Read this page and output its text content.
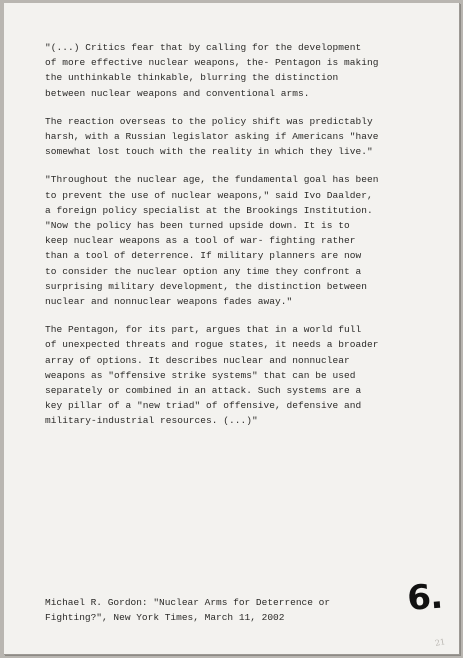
"(...) Critics fear that by calling for the development
of more effective nuclear weapons, the- Pentagon is making
the unthinkable thinkable, blurring the distinction
between nuclear weapons and conventional arms.

The reaction overseas to the policy shift was predictably
harsh, with a Russian legislator asking if Americans "have
somewhat lost touch with the reality in which they live."

"Throughout the nuclear age, the fundamental goal has been
to prevent the use of nuclear weapons," said Ivo Daalder,
a foreign policy specialist at the Brookings Institution.
"Now the policy has been turned upside down. It is to
keep nuclear weapons as a tool of war- fighting rather
than a tool of deterrence. If military planners are now
to consider the nuclear option any time they confront a
surprising military development, the distinction between
nuclear and nonnuclear weapons fades away."

The Pentagon, for its part, argues that in a world full
of unexpected threats and rogue states, it needs a broader
array of options. It describes nuclear and nonnuclear
weapons as "offensive strike systems" that can be used
separately or combined in an attack. Such systems are a
key pillar of a "new triad" of offensive, defensive and
military-industrial resources. (...)"

Michael R. Gordon: "Nuclear Arms for Deterrence or
Fighting?", New York Times, March 11, 2002	6.
21
